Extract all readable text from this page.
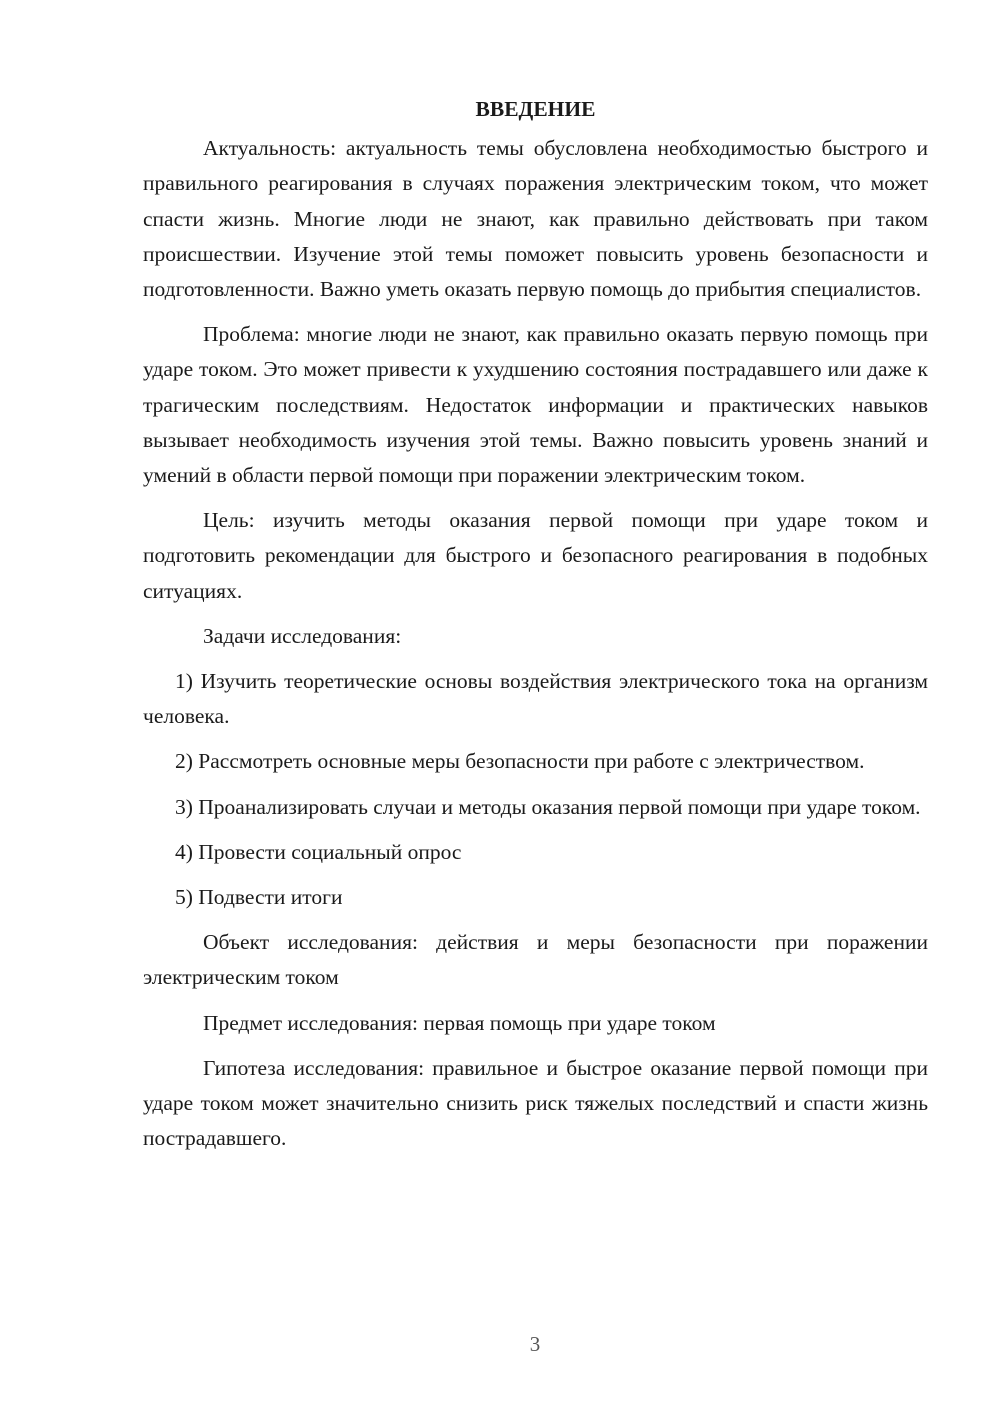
ВВЕДЕНИЕ

Актуальность: актуальность темы обусловлена необходимостью быстрого и правильного реагирования в случаях поражения электрическим током, что может спасти жизнь. Многие люди не знают, как правильно действовать при таком происшествии. Изучение этой темы поможет повысить уровень безопасности и подготовленности. Важно уметь оказать первую помощь до прибытия специалистов.

Проблема: многие люди не знают, как правильно оказать первую помощь при ударе током. Это может привести к ухудшению состояния пострадавшего или даже к трагическим последствиям. Недостаток информации и практических навыков вызывает необходимость изучения этой темы. Важно повысить уровень знаний и умений в области первой помощи при поражении электрическим током.

Цель: изучить методы оказания первой помощи при ударе током и подготовить рекомендации для быстрого и безопасного реагирования в подобных ситуациях.

Задачи исследования:

1) Изучить теоретические основы воздействия электрического тока на организм человека.

2) Рассмотреть основные меры безопасности при работе с электричеством.

3) Проанализировать случаи и методы оказания первой помощи при ударе током.

4) Провести социальный опрос

5) Подвести итоги

Объект исследования: действия и меры безопасности при поражении электрическим током

Предмет исследования: первая помощь при ударе током

Гипотеза исследования: правильное и быстрое оказание первой помощи при ударе током может значительно снизить риск тяжелых последствий и спасти жизнь пострадавшего.

3
